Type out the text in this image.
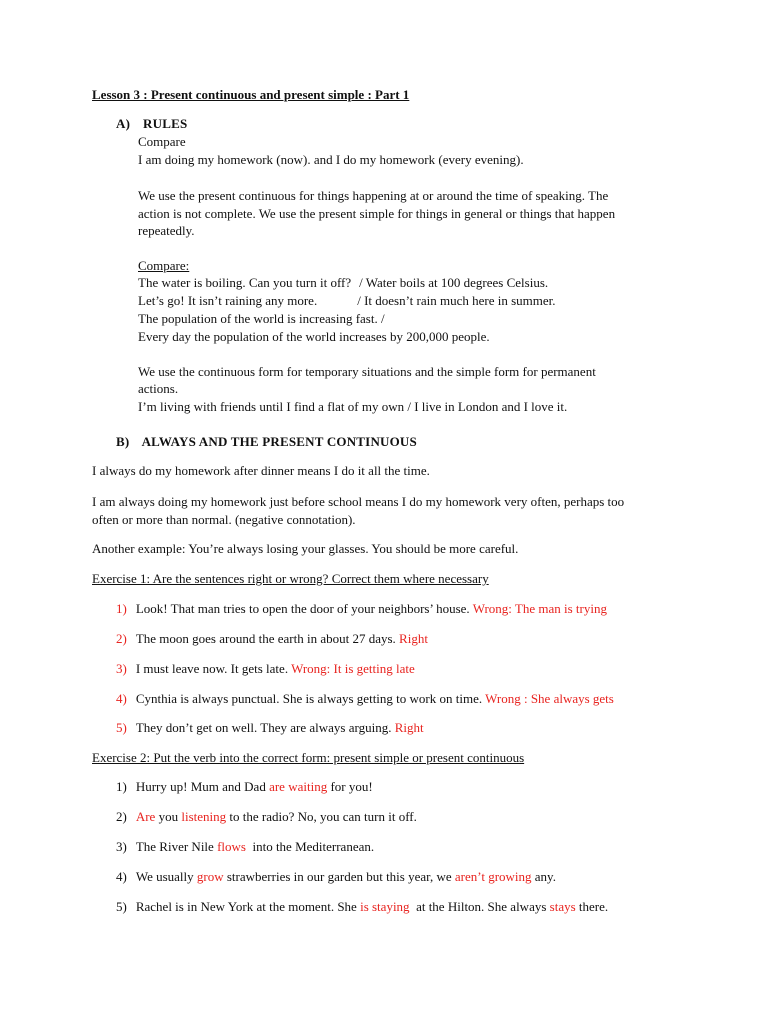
Lesson 3 : Present continuous and present simple : Part 1
A) RULES
Compare
I am doing my homework (now). and I do my homework (every evening).
We use the present continuous for things happening at or around the time of speaking. The
action is not complete. We use the present simple for things in general or things that happen
repeatedly.
Compare:
The water is boiling. Can you turn it off? / Water boils at 100 degrees Celsius.
Let’s go! It isn’t raining any more.	/ It doesn’t rain much here in summer.
The population of the world is increasing fast. /
Every day the population of the world increases by 200,000 people.
We use the continuous form for temporary situations and the simple form for permanent
actions.
I’m living with friends until I find a flat of my own / I live in London and I love it.
B) ALWAYS AND THE PRESENT CONTINUOUS
I always do my homework after dinner means I do it all the time.
I am always doing my homework just before school means I do my homework very often, perhaps too
often or more than normal. (negative connotation).
Another example: You’re always losing your glasses. You should be more careful.
Exercise 1: Are the sentences right or wrong? Correct them where necessary
1) Look! That man tries to open the door of your neighbors’ house. Wrong: The man is trying
2) The moon goes around the earth in about 27 days. Right
3) I must leave now. It gets late. Wrong: It is getting late
4) Cynthia is always punctual. She is always getting to work on time. Wrong : She always gets
5) They don’t get on well. They are always arguing. Right
Exercise 2: Put the verb into the correct form: present simple or present continuous
1) Hurry up! Mum and Dad are waiting for you!
2) Are you listening to the radio? No, you can turn it off.
3) The River Nile flows  into the Mediterranean.
4) We usually grow strawberries in our garden but this year, we aren’t growing any.
5) Rachel is in New York at the moment. She is staying  at the Hilton. She always stays there.
